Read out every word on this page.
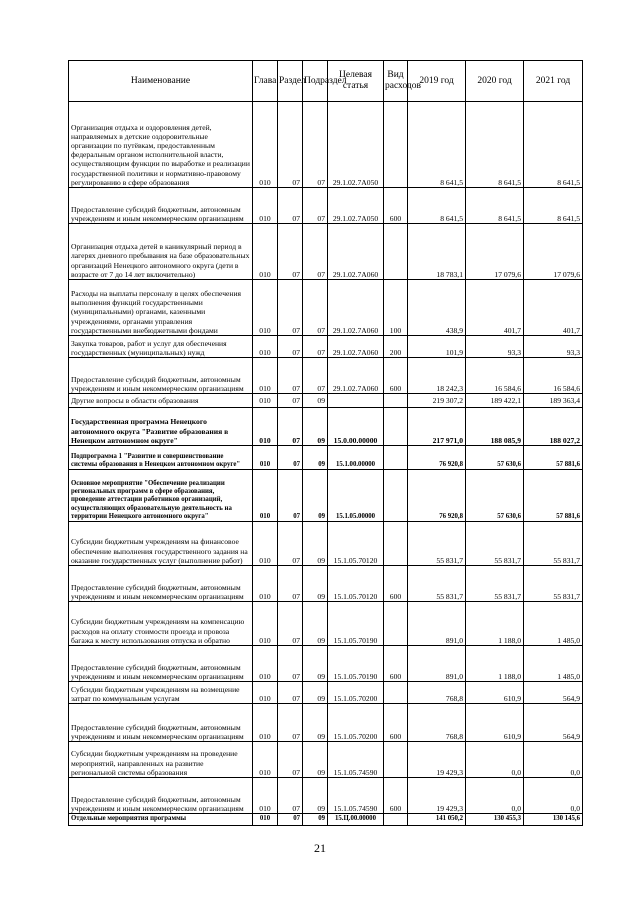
Наименование	Глава	Раздел	Подраздел	Целевая статья	Вид расходов	2019 год	2020 год	2021 год
Организация отдыха и оздоровления детей, направляемых в детские оздоровительные организации по путёвкам, предоставленным федеральным органом исполнительной власти, осуществляющим функции по выработке и реализации государственной политики и нормативно-правовому регулированию в сфере образования	010	07	07	29.1.02.7А050		8 641,5	8 641,5	8 641,5
Предоставление субсидий бюджетным, автономным учреждениям и иным некоммерческим организациям	010	07	07	29.1.02.7А050	600	8 641,5	8 641,5	8 641,5
Организация отдыха детей в каникулярный период в лагерях дневного пребывания на базе образовательных организаций Ненецкого автономного округа (дети в возрасте от 7 до 14 лет включительно)	010	07	07	29.1.02.7А060		18 783,1	17 079,6	17 079,6
Расходы на выплаты персоналу в целях обеспечения выполнения функций государственными (муниципальными) органами, казенными учреждениями, органами управления государственными внебюджетными фондами	010	07	07	29.1.02.7А060	100	438,9	401,7	401,7
Закупка товаров, работ и услуг для обеспечения государственных (муниципальных) нужд	010	07	07	29.1.02.7А060	200	101,9	93,3	93,3
Предоставление субсидий бюджетным, автономным учреждениям и иным некоммерческим организациям	010	07	07	29.1.02.7А060	600	18 242,3	16 584,6	16 584,6
Другие вопросы в области образования	010	07	09			219 307,2	189 422,1	189 363,4
Государственная программа Ненецкого автономного округа "Развитие образования в Ненецком автономном округе"	010	07	09	15.0.00.00000		217 971,0	188 085,9	188 027,2
Подпрограмма 1 "Развитие и совершенствование системы образования в Ненецком автономном округе"	010	07	09	15.1.00.00000		76 920,8	57 630,6	57 881,6
Основное мероприятие "Обеспечение реализации региональных программ в сфере образования, проведение аттестации работников организаций, осуществляющих образовательную деятельность на территории Ненецкого автономного округа"	010	07	09	15.1.05.00000		76 920,8	57 630,6	57 881,6
Субсидии бюджетным учреждениям на финансовое обеспечение выполнения государственного задания на оказание государственных услуг (выполнение работ)	010	07	09	15.1.05.70120		55 831,7	55 831,7	55 831,7
Предоставление субсидий бюджетным, автономным учреждениям и иным некоммерческим организациям	010	07	09	15.1.05.70120	600	55 831,7	55 831,7	55 831,7
Субсидии бюджетным учреждениям на компенсацию расходов на оплату стоимости проезда и провоза багажа к месту использования отпуска и обратно	010	07	09	15.1.05.70190		891,0	1 188,0	1 485,0
Предоставление субсидий бюджетным, автономным учреждениям и иным некоммерческим организациям	010	07	09	15.1.05.70190	600	891,0	1 188,0	1 485,0
Субсидии бюджетным учреждениям на возмещение затрат по коммунальным услугам	010	07	09	15.1.05.70200		768,8	610,9	564,9
Предоставление субсидий бюджетным, автономным учреждениям и иным некоммерческим организациям	010	07	09	15.1.05.70200	600	768,8	610,9	564,9
Субсидии бюджетным учреждениям на проведение мероприятий, направленных на развитие региональной системы образования	010	07	09	15.1.05.74590		19 429,3	0,0	0,0
Предоставление субсидий бюджетным, автономным учреждениям и иным некоммерческим организациям	010	07	09	15.1.05.74590	600	19 429,3	0,0	0,0
Отдельные мероприятия программы	010	07	09	15.Ц.00.00000		141 050,2	130 455,3	130 145,6
21
